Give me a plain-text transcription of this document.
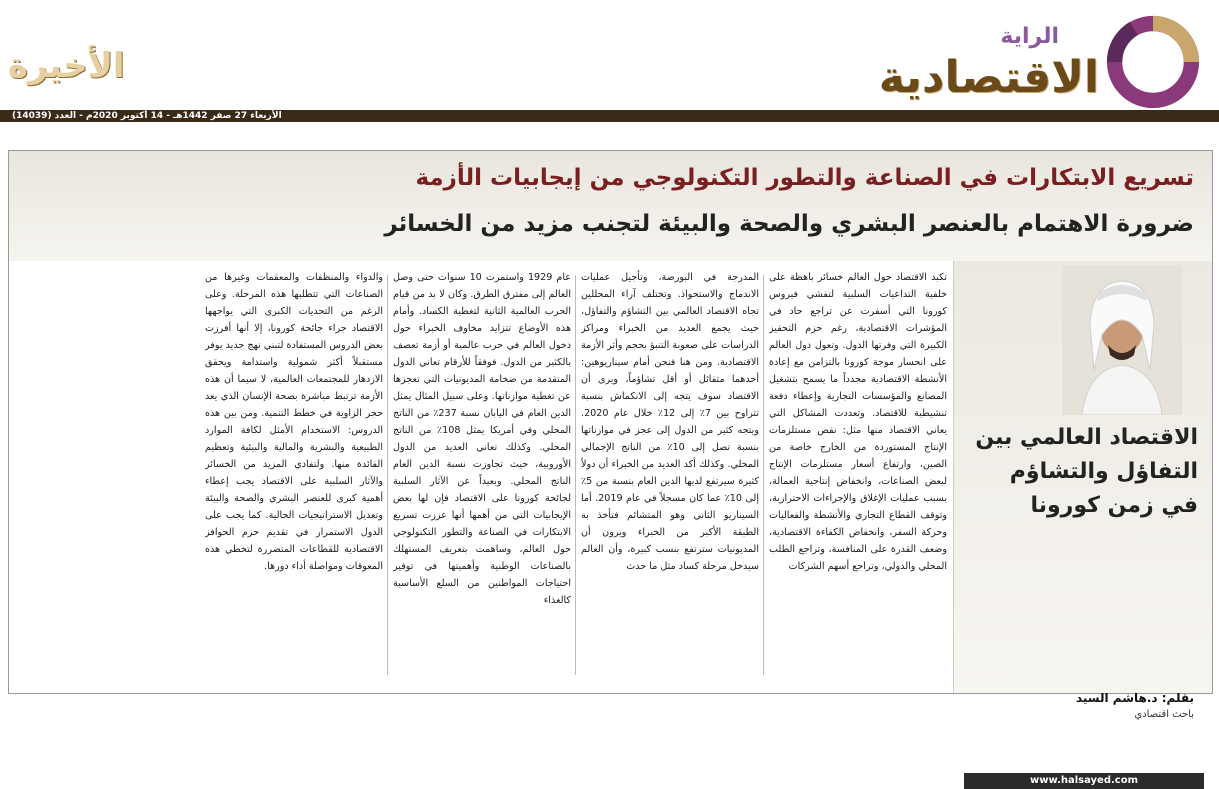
الراية
الاقتصادية
الأخيرة
الأربعاء 27 صفر 1442هـ - 14 أكتوبر 2020م - العدد (14039)
تسريع الابتكارات في الصناعة والتطور التكنولوجي من إيجابيات الأزمة
ضرورة الاهتمام بالعنصر البشري والصحة والبيئة لتجنب مزيد من الخسائر
الاقتصاد العالمي بين التفاؤل والتشاؤم في زمن كورونا
بقلم: د.هاشم السيد
باحث اقتصادي
www.halsayed.com

تكبد الاقتصاد حول العالم خسائر باهظة على خلفية التداعيات السلبية لتفشي فيروس كورونا التي أسفرت عن تراجع حاد في المؤشرات الاقتصادية، رغم حزم التحفيز الكبيرة التي وفرتها الدول. وتعول دول العالم على انحسار موجة كورونا بالتزامن مع إعادة الأنشطة الاقتصادية مجدداً ما يسمح بتشغيل المصانع والمؤسسات التجارية وإعطاء دفعة تنشيطية للاقتصاد. وتعددت المشاكل التي يعاني الاقتصاد منها مثل: نقص مستلزمات الإنتاج المستوردة من الخارج خاصة من الصين، وارتفاع أسعار مستلزمات الإنتاج لبعض الصناعات، وانخفاض إنتاجية العمالة، بسبب عمليات الإغلاق والإجراءات الاحترازية، وتوقف القطاع التجاري والأنشطة والفعاليات وحركة السفر، وانخفاض الكفاءة الاقتصادية، وضعف القدرة على المنافسة، وتراجع الطلب المحلي والدولي، وتراجع أسهم الشركات

المدرجة في البورصة، وتأجيل عمليات الاندماج والاستحواذ. وتختلف آراء المحللين تجاه الاقتصاد العالمي بين التشاؤم والتفاؤل، حيث يجمع العديد من الخبراء ومراكز الدراسات على صعوبة التنبؤ بحجم وأثر الأزمة الاقتصادية. ومن هنا فنحن أمام سيناريوهين: أحدهما متفائل أو أقل تشاؤماً، ويرى أن الاقتصاد سوف يتجه إلى الانكماش بنسبة تتراوح بين 7٪ إلى 12٪ خلال عام 2020. ويتجه كثير من الدول إلى عجز في موازناتها بنسبة تصل إلى 10٪ من الناتج الإجمالي المحلي. وكذلك أكد العديد من الخبراء أن دولاً كثيرة سيرتفع لديها الدين العام بنسبة من 5٪ إلى 10٪ عما كان مسجلاً في عام 2019. أما السيناريو الثاني وهو المتشائم فتأخذ به الطبقة الأكبر من الخبراء ويرون أن المديونيات سترتفع بنسب كبيرة، وأن العالم سيدخل مرحلة كساد مثل ما حدث

عام 1929 واستمرت 10 سنوات حتى وصل العالم إلى مفترق الطرق. وكان لا بد من قيام الحرب العالمية الثانية لتغطية الكساد. وأمام هذه الأوضاع تتزايد مخاوف الخبراء حول دخول العالم في حرب عالمية أو أزمة تعصف بالكثير من الدول. فوفقاً للأرقام تعاني الدول المتقدمة من ضخامة المديونيات التي تعجزها عن تغطية موازناتها. وعلى سبيل المثال يمثل الدين العام في اليابان نسبة 237٪ من الناتج المحلي وفي أمريكا يمثل 108٪ من الناتج المحلي. وكذلك تعاني العديد من الدول الأوروبية، حيث تجاوزت نسبة الدين العام الناتج المحلي. وبعيداً عن الآثار السلبية لجائحة كورونا على الاقتصاد فإن لها بعض الإيجابيات التي من أهمها أنها عززت تسريع الابتكارات في الصناعة والتطور التكنولوجي حول العالم، وساهمت بتعريف المستهلك بالصناعات الوطنية وأهميتها في توفير احتياجات المواطنين من السلع الأساسية كالغذاء

والدواء والمنظفات والمعقمات وغيرها من الصناعات التي تتطلبها هذه المرحلة. وعلى الرغم من التحديات الكبرى التي يواجهها الاقتصاد جراء جائحة كورونا، إلا أنها أفرزت بعض الدروس المستفادة لتبني نهج جديد يوفر مستقبلاً أكثر شمولية واستدامة ويحقق الازدهار للمجتمعات العالمية، لا سيما أن هذه الأزمة ترتبط مباشرة بصحة الإنسان الذي يعد حجر الزاوية في خطط التنمية. ومن بين هذه الدروس: الاستخدام الأمثل لكافة الموارد الطبيعية والبشرية والمالية والبيئية وتعظيم الفائدة منها. ولتفادي المزيد من الخسائر والآثار السلبية على الاقتصاد يجب إعطاء أهمية كبرى للعنصر البشري والصحة والبيئة وتعديل الاستراتيجيات الحالية. كما يجب على الدول الاستمرار في تقديم حزم الحوافز الاقتصادية للقطاعات المتضررة لتخطي هذه المعوقات ومواصلة أداء دورها.
